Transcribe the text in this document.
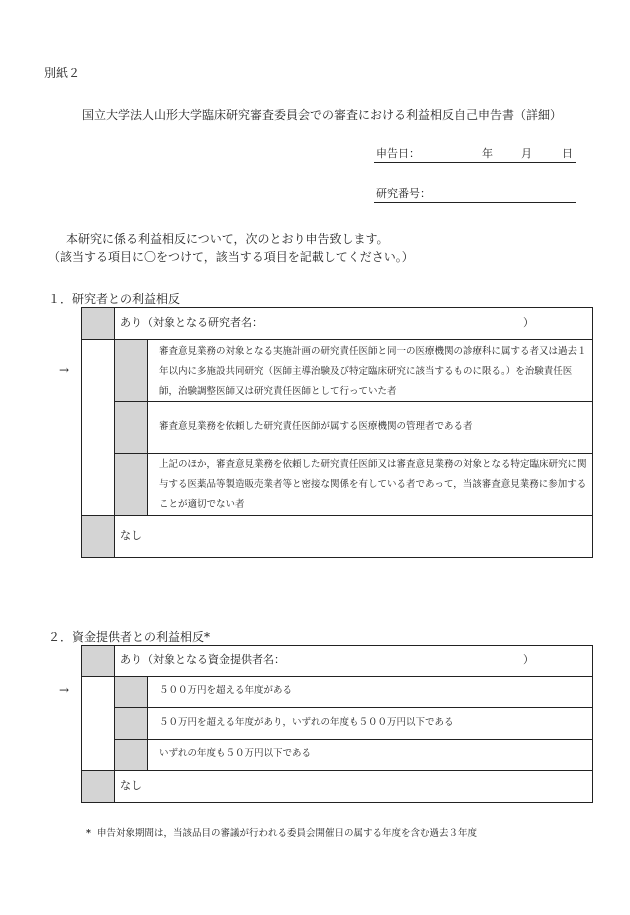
別紙２
国立大学法人山形大学臨床研究審査委員会での審査における利益相反自己申告書（詳細）
申告日：	年	月	日
研究番号：
本研究に係る利益相反について，次のとおり申告致します。
（該当する項目に〇をつけて，該当する項目を記載してください。）
１．研究者との利益相反
あり（対象となる研究者名：	）
→
審査意見業務の対象となる実施計画の研究責任医師と同一の医療機関の診療科に属する者又は過去１年以内に多施設共同研究（医師主導治験及び特定臨床研究に該当するものに限る。）を治験責任医師，治験調整医師又は研究責任医師として行っていた者
審査意見業務を依頼した研究責任医師が属する医療機関の管理者である者
上記のほか，審査意見業務を依頼した研究責任医師又は審査意見業務の対象となる特定臨床研究に関与する医薬品等製造販売業者等と密接な関係を有している者であって，当該審査意見業務に参加することが適切でない者
なし
２．資金提供者との利益相反*
あり（対象となる資金提供者名：	）
→	５００万円を超える年度がある
５０万円を超える年度があり，いずれの年度も５００万円以下である
いずれの年度も５０万円以下である
なし
* 申告対象期間は，当該品目の審議が行われる委員会開催日の属する年度を含む過去３年度
